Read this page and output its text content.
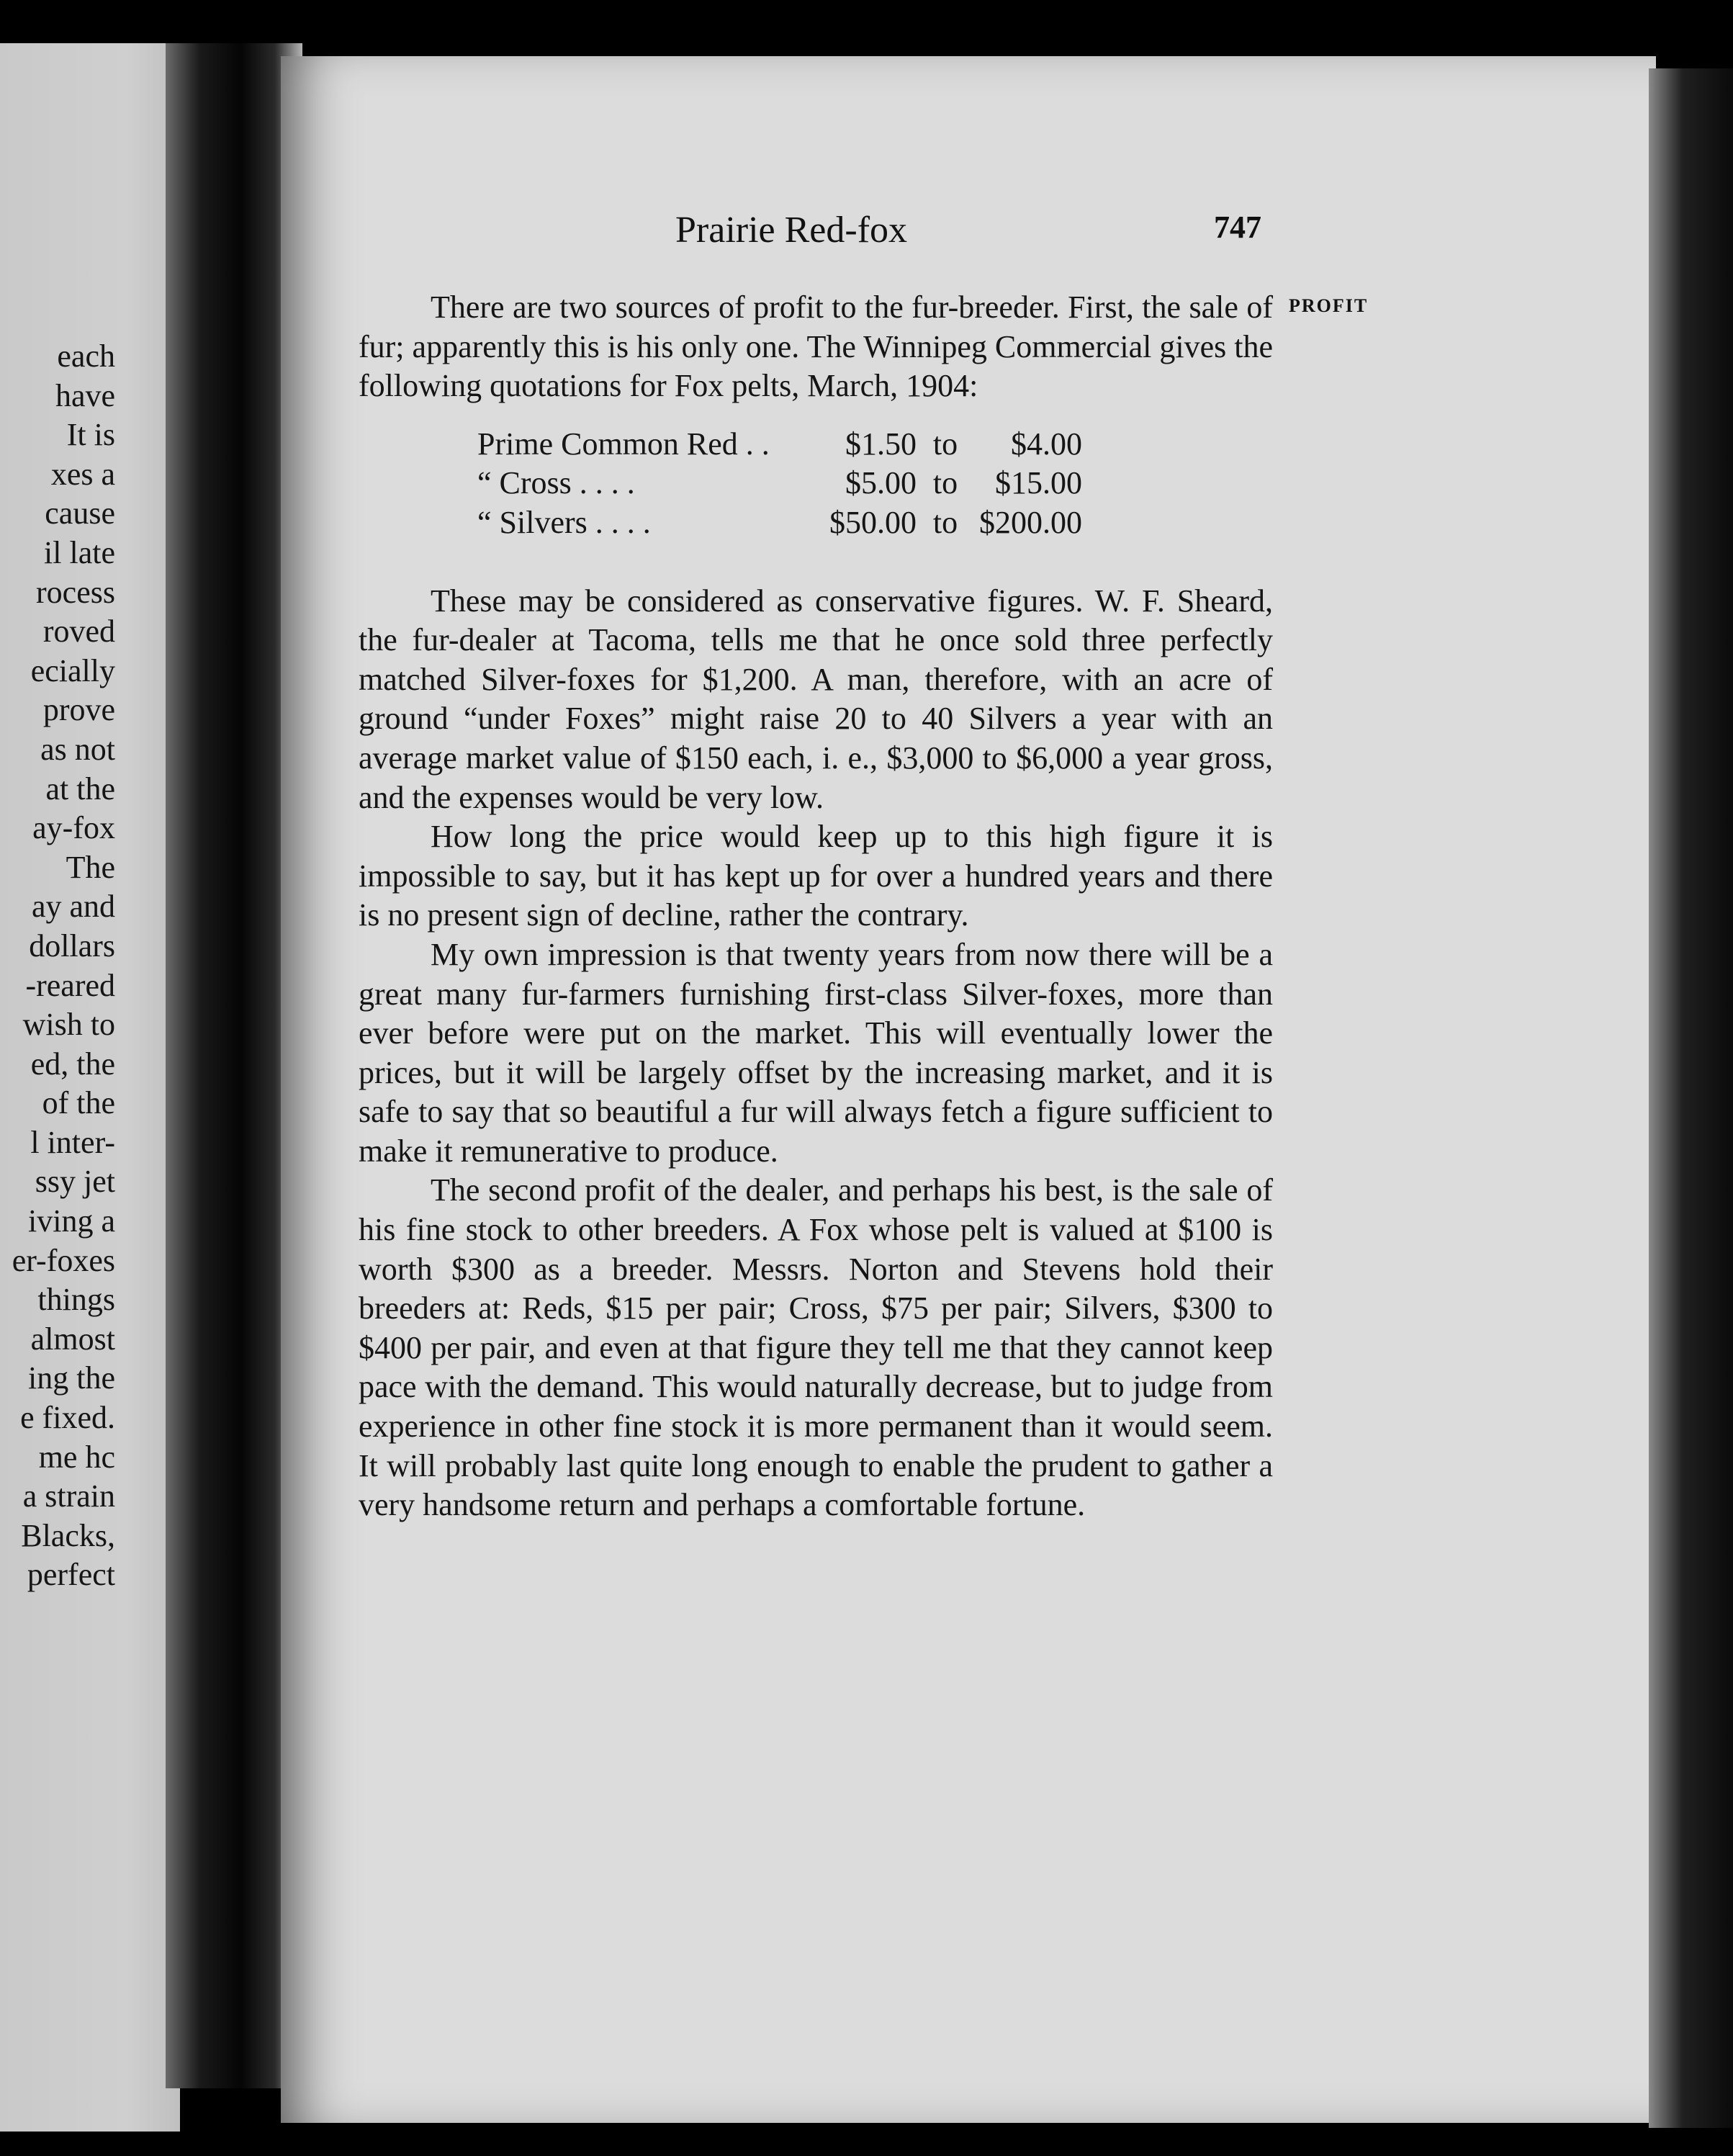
each
have
It is
xes a
cause
il late
rocess
roved
ecially
prove
as not
at the
ay-fox
The
ay and
dollars
-reared
wish to
ed, the
of the
l inter-
ssy jet
iving a
er-foxes
things
almost
ing the
e fixed.
me hc
a strain
Blacks,
perfect
Prairie Red-fox	747
PROFIT

There are two sources of profit to the fur-breeder. First, the sale of fur; apparently this is his only one. The Winnipeg Commercial gives the following quotations for Fox pelts, March, 1904:

Prime Common Red . .	$1.50	to	$4.00
“ Cross . . . .	$5.00	to	$15.00
“ Silvers . . . .	$50.00	to	$200.00

These may be considered as conservative figures. W. F. Sheard, the fur-dealer at Tacoma, tells me that he once sold three perfectly matched Silver-foxes for $1,200. A man, therefore, with an acre of ground “under Foxes” might raise 20 to 40 Silvers a year with an average market value of $150 each, i. e., $3,000 to $6,000 a year gross, and the expenses would be very low.

How long the price would keep up to this high figure it is impossible to say, but it has kept up for over a hundred years and there is no present sign of decline, rather the contrary.

My own impression is that twenty years from now there will be a great many fur-farmers furnishing first-class Silver-foxes, more than ever before were put on the market. This will eventually lower the prices, but it will be largely offset by the increasing market, and it is safe to say that so beautiful a fur will always fetch a figure sufficient to make it remunerative to produce.

The second profit of the dealer, and perhaps his best, is the sale of his fine stock to other breeders. A Fox whose pelt is valued at $100 is worth $300 as a breeder. Messrs. Norton and Stevens hold their breeders at: Reds, $15 per pair; Cross, $75 per pair; Silvers, $300 to $400 per pair, and even at that figure they tell me that they cannot keep pace with the demand. This would naturally decrease, but to judge from experience in other fine stock it is more permanent than it would seem. It will probably last quite long enough to enable the prudent to gather a very handsome return and perhaps a comfortable fortune.
